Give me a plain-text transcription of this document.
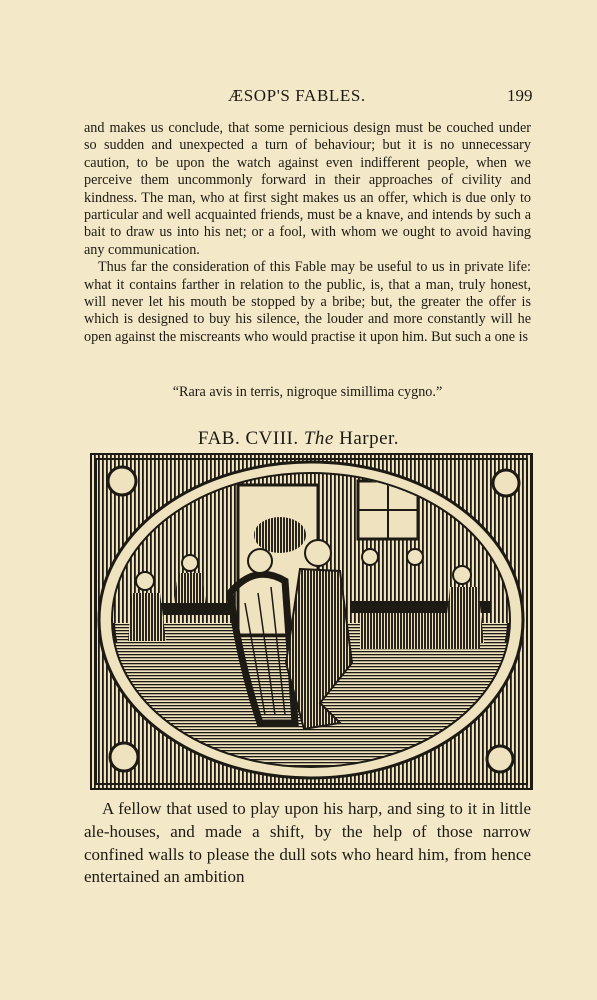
ÆSOP'S FABLES.	199

and makes us conclude, that some pernicious design must be couched under so sudden and unexpected a turn of behaviour; but it is no unnecessary caution, to be upon the watch against even indifferent people, when we perceive them uncommonly forward in their approaches of civility and kindness. The man, who at first sight makes us an offer, which is due only to particular and well acquainted friends, must be a knave, and intends by such a bait to draw us into his net; or a fool, with whom we ought to avoid having any communication.

Thus far the consideration of this Fable may be useful to us in private life: what it contains farther in relation to the public, is, that a man, truly honest, will never let his mouth be stopped by a bribe; but, the greater the offer is which is designed to buy his silence, the louder and more constantly will he open against the miscreants who would practise it upon him. But such a one is

“Rara avis in terris, nigroque simillima cygno.”
FAB. CVIII. The Harper.

A fellow that used to play upon his harp, and sing to it in little ale-houses, and made a shift, by the help of those narrow confined walls to please the dull sots who heard him, from hence entertained an ambition
